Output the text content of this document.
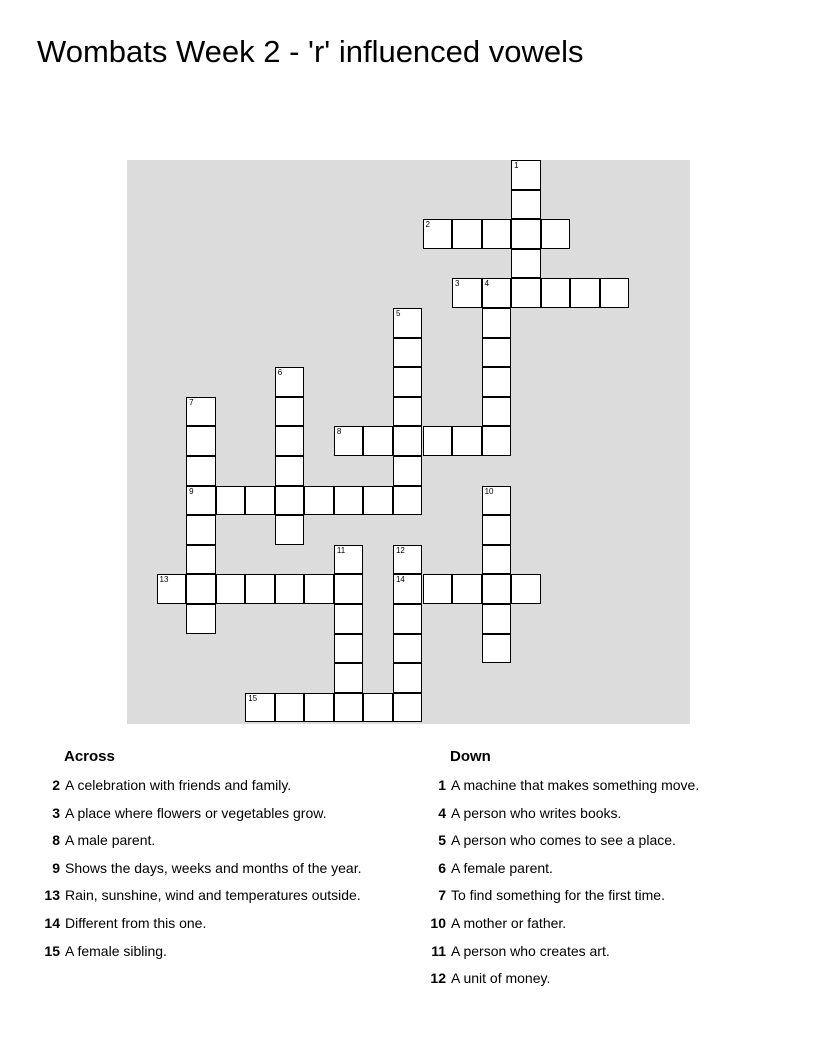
Wombats Week 2 - 'r' influenced vowels
1
2
3	4
5
6
7
9
8
10
11	12
14
13
15
Across
2 A celebration with friends and family.
3 A place where flowers or vegetables grow.
8 A male parent.
9 Shows the days, weeks and months of the year.
13 Rain, sunshine, wind and temperatures outside.
14 Different from this one.
15 A female sibling.
Down
1 A machine that makes something move.
4 A person who writes books.
5 A person who comes to see a place.
6 A female parent.
7 To find something for the first time.
10 A mother or father.
11 A person who creates art.
12 A unit of money.
